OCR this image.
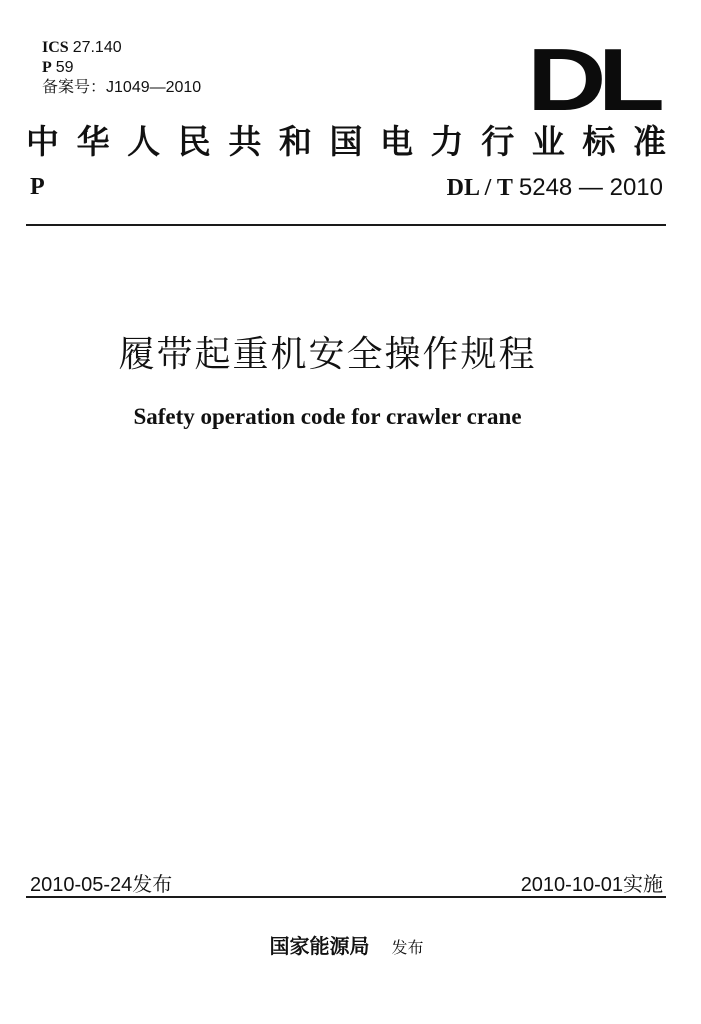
ICS 27.140
P 59
备案号：J1049—2010	DL
中 华 人 民 共 和 国 电 力 行 业 标 准
P	DL / T 5248 — 2010
履带起重机安全操作规程
Safety operation code for crawler crane
2010-05-24发布	2010-10-01实施
国家能源局 发布
